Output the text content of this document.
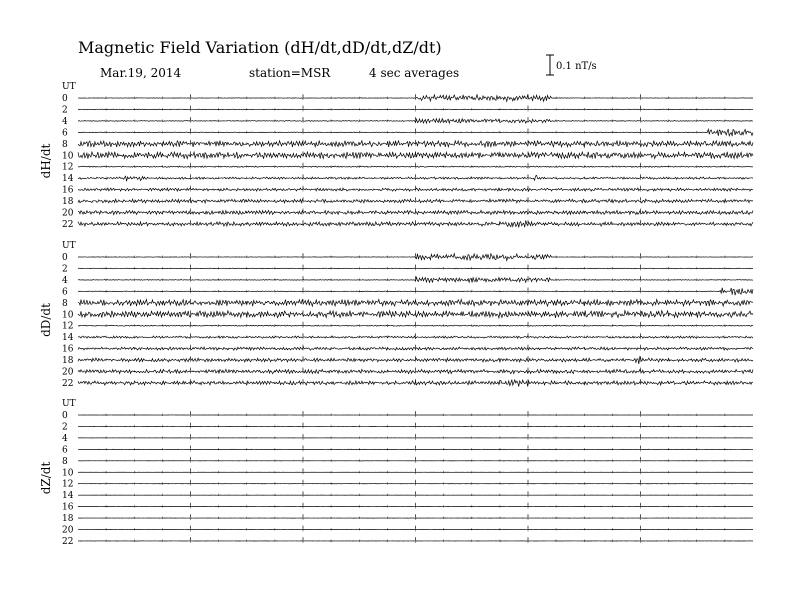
Magnetic Field Variation (dH/dt,dD/dt,dZ/dt)
Mar.19, 2014	station=MSR	4 sec averages	0.1 nT/s
UT
dH/dt
0
2
4
6
8
10
12
14
16
18
20
22
UT
dD/dt
0
2
4
6
8
10
12
14
16
18
20
22
UT
dZ/dt
0
2
4
6
8
10
12
14
16
18
20
22
